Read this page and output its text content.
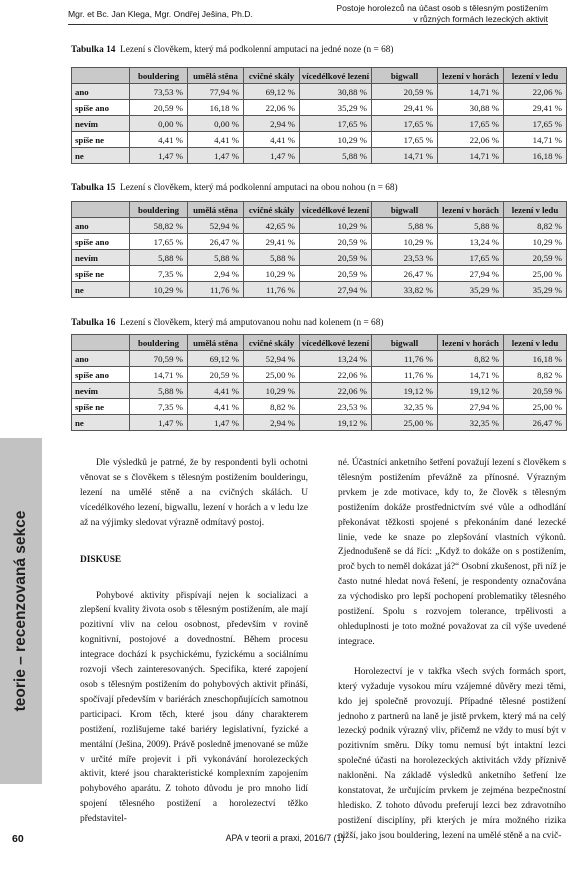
Mgr. et Bc. Jan Klega, Mgr. Ondřej Ješina, Ph.D.
Postoje horolezců na účast osob s tělesným postižením
v různých formách lezeckých aktivit
Tabulka 14 Lezení s člověkem, který má podkolenní amputaci na jedné noze (n = 68)
	bouldering	umělá stěna	cvičné skály	vícedélkové lezení	bigwall	lezení v horách	lezení v ledu
ano	73,53 %	77,94 %	69,12 %	30,88 %	20,59 %	14,71 %	22,06 %
spíše ano	20,59 %	16,18 %	22,06 %	35,29 %	29,41 %	30,88 %	29,41 %
nevím	0,00 %	0,00 %	2,94 %	17,65 %	17,65 %	17,65 %	17,65 %
spíše ne	4,41 %	4,41 %	4,41 %	10,29 %	17,65 %	22,06 %	14,71 %
ne	1,47 %	1,47 %	1,47 %	5,88 %	14,71 %	14,71 %	16,18 %
Tabulka 15 Lezení s člověkem, který má podkolenní amputaci na obou nohou (n = 68)
	bouldering	umělá stěna	cvičné skály	vícedélkové lezení	bigwall	lezení v horách	lezení v ledu
ano	58,82 %	52,94 %	42,65 %	10,29 %	5,88 %	5,88 %	8,82 %
spíše ano	17,65 %	26,47 %	29,41 %	20,59 %	10,29 %	13,24 %	10,29 %
nevím	5,88 %	5,88 %	5,88 %	20,59 %	23,53 %	17,65 %	20,59 %
spíše ne	7,35 %	2,94 %	10,29 %	20,59 %	26,47 %	27,94 %	25,00 %
ne	10,29 %	11,76 %	11,76 %	27,94 %	33,82 %	35,29 %	35,29 %
Tabulka 16 Lezení s člověkem, který má amputovanou nohu nad kolenem (n = 68)
	bouldering	umělá stěna	cvičné skály	vícedélkové lezení	bigwall	lezení v horách	lezení v ledu
ano	70,59 %	69,12 %	52,94 %	13,24 %	11,76 %	8,82 %	16,18 %
spíše ano	14,71 %	20,59 %	25,00 %	22,06 %	11,76 %	14,71 %	8,82 %
nevím	5,88 %	4,41 %	10,29 %	22,06 %	19,12 %	19,12 %	20,59 %
spíše ne	7,35 %	4,41 %	8,82 %	23,53 %	32,35 %	27,94 %	25,00 %
ne	1,47 %	1,47 %	2,94 %	19,12 %	25,00 %	32,35 %	26,47 %
teorie – recenzovaná sekce

Dle výsledků je patrné, že by respondenti byli ochotni věnovat se s člověkem s tělesným postižením boulderingu, lezení na umělé stěně a na cvičných skálách. U vícedélkového lezení, bigwallu, lezení v horách a v ledu lze až na výjimky sledovat výrazně odmítavý postoj.

DISKUSE

Pohybové aktivity přispívají nejen k socializaci a zlepšení kvality života osob s tělesným postižením, ale mají pozitivní vliv na celou osobnost, především v rovině kognitivní, postojové a dovednostní. Během procesu integrace dochází k psychickému, fyzickému a sociálnímu rozvoji všech zainteresovaných. Specifika, které zapojení osob s tělesným postižením do pohybových aktivit přináší, spočívají především v bariérách zneschopňujících samotnou participaci. Krom těch, které jsou dány charakterem postižení, rozlišujeme také bariéry legislativní, fyzické a mentální (Ješina, 2009). Právě posledně jmenované se může v určité míře projevit i při vykonávání horolezeckých aktivit, které jsou charakteristické komplexním zapojením pohybového aparátu. Z tohoto důvodu je pro mnoho lidí spojení tělesného postižení a horolezectví těžko představitel-

né. Účastníci anketního šetření považují lezení s člověkem s tělesným postižením převážně za přínosné. Výrazným prvkem je zde motivace, kdy to, že člověk s tělesným postižením dokáže prostřednictvím své vůle a odhodlání překonávat těžkosti spojené s překonáním dané lezecké linie, vede ke snaze po zlepšování vlastních výkonů. Zjednodušeně se dá říci: „Když to dokáže on s postižením, proč bych to neměl dokázat já?“ Osobní zkušenost, při níž je často nutné hledat nová řešení, je respondenty označována za východisko pro lepší pochopení problematiky tělesného postižení. Spolu s rozvojem tolerance, trpělivosti a ohleduplnosti je toto možné považovat za cíl výše uvedené integrace.

Horolezectví je v takřka všech svých formách sport, který vyžaduje vysokou míru vzájemné důvěry mezi těmi, kdo jej společně provozují. Případné tělesné postižení jednoho z partnerů na laně je jistě prvkem, který má na celý lezecký podnik výrazný vliv, přičemž ne vždy to musí být v pozitivním směru. Díky tomu nemusí být intaktní lezci společné účasti na horolezeckých aktivitách vždy příznivě nakloněni. Na základě výsledků anketního šetření lze konstatovat, že určujícím prvkem je zejména bezpečnostní hledisko. Z tohoto důvodu preferují lezci bez zdravotního postižení disciplíny, při kterých je míra možného rizika nižší, jako jsou bouldering, lezení na umělé stěně a na cvič-

60	APA v teorii a praxi, 2016/7 (1)
